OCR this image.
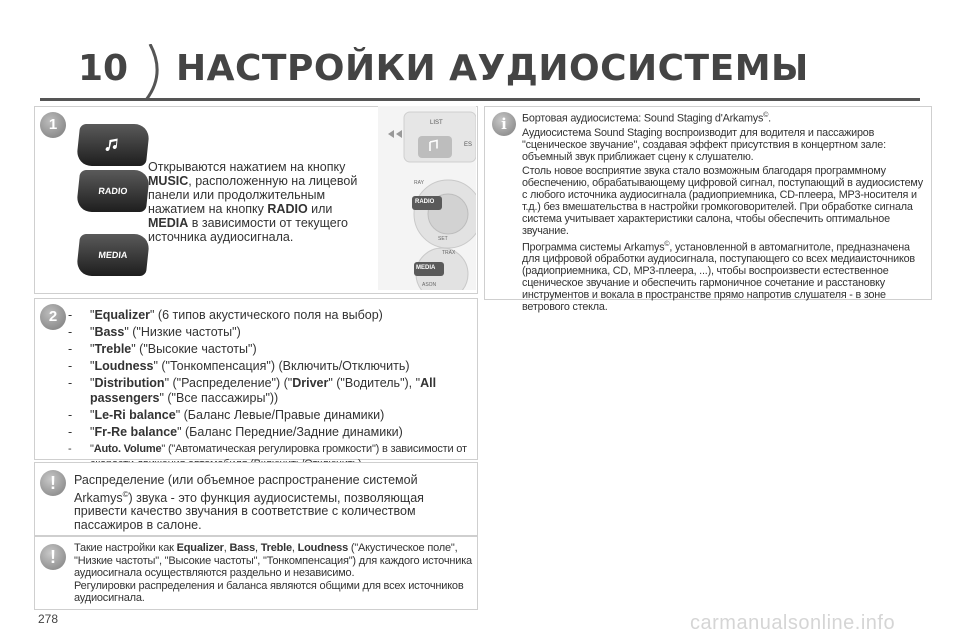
10 НАСТРОЙКИ АУДИОСИСТЕМЫ
1
RADIO
MEDIA
Открываются нажатием на кнопку MUSIC, расположенную на лицевой панели или продолжительным нажатием на кнопку RADIO или MEDIA в зависимости от текущего источника аудиосигнала.
LIST
ES
RAY
RADIO
SET
TRAX
MEDIA
ASON
2 - "Equalizer" (6 типов акустического поля на выбор)
- "Bass" ("Низкие частоты")
- "Treble" ("Высокие частоты")
- "Loudness" ("Тонкомпенсация") (Включить/Отключить)
- "Distribution" ("Распределение") ("Driver" ("Водитель"), "All passengers" ("Все пассажиры"))
- "Le-Ri balance" (Баланс Левые/Правые динамики)
- "Fr-Re balance" (Баланс Передние/Задние динамики)
- "Auto. Volume" ("Автоматическая регулировка громкости") в зависимости от
!	Распределение (или объемное распространение системой Arkamys©) звука - это функция аудиосистемы, позволяющая привести качество звучания в соответствие с количеством пассажиров в салоне.
!	Такие настройки как Equalizer, Bass, Treble, Loudness ("Акустическое поле", "Низкие частоты", "Высокие частоты", "Тонкомпенсация") для каждого источника аудиосигнала осуществляются раздельно и независимо.
Регулировки распределения и баланса являются общими для всех источников аудиосигнала.
i	Бортовая аудиосистема: Sound Staging d'Arkamys©.

Аудиосистема Sound Staging воспроизводит для водителя и пассажиров "сценическое звучание", создавая эффект присутствия в концертном зале: объемный звук приближает сцену к слушателю.

Столь новое восприятие звука стало возможным благодаря программному обеспечению, обрабатывающему цифровой сигнал, поступающий в аудиосистему с любого источника аудиосигнала (радиоприемника, CD-плеера, MP3-носителя и т.д.) без вмешательства в настройки громкоговорителей. При обработке сигнала система учитывает характеристики салона, чтобы обеспечить оптимальное звучание.

Программа системы Arkamys©, установленной в автомагнитоле, предназначена для цифровой обработки аудиосигнала, поступающего со всех медиаисточников (радиоприемника, CD, MP3-плеера, ...), чтобы воспроизвести естественное сценическое звучание и обеспечить гармоничное сочетание и расстановку инструментов и вокала в пространстве прямо напротив слушателя - в зоне ветрового стекла.

278	carmanualsonline.info
